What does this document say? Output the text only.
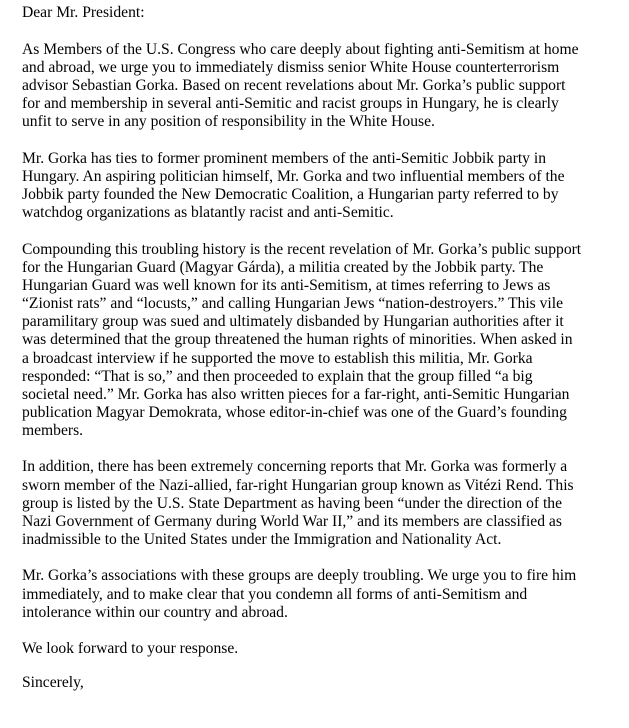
Dear Mr. President:
As Members of the U.S. Congress who care deeply about fighting anti-Semitism at home
and abroad, we urge you to immediately dismiss senior White House counterterrorism
advisor Sebastian Gorka. Based on recent revelations about Mr. Gorka’s public support
for and membership in several anti-Semitic and racist groups in Hungary, he is clearly
unfit to serve in any position of responsibility in the White House.
Mr. Gorka has ties to former prominent members of the anti-Semitic Jobbik party in
Hungary. An aspiring politician himself, Mr. Gorka and two influential members of the
Jobbik party founded the New Democratic Coalition, a Hungarian party referred to by
watchdog organizations as blatantly racist and anti-Semitic.
Compounding this troubling history is the recent revelation of Mr. Gorka’s public support
for the Hungarian Guard (Magyar Gárda), a militia created by the Jobbik party. The
Hungarian Guard was well known for its anti-Semitism, at times referring to Jews as
“Zionist rats” and “locusts,” and calling Hungarian Jews “nation-destroyers.” This vile
paramilitary group was sued and ultimately disbanded by Hungarian authorities after it
was determined that the group threatened the human rights of minorities. When asked in
a broadcast interview if he supported the move to establish this militia, Mr. Gorka
responded: “That is so,” and then proceeded to explain that the group filled “a big
societal need.” Mr. Gorka has also written pieces for a far-right, anti-Semitic Hungarian
publication Magyar Demokrata, whose editor-in-chief was one of the Guard’s founding
members.
In addition, there has been extremely concerning reports that Mr. Gorka was formerly a
sworn member of the Nazi-allied, far-right Hungarian group known as Vitézi Rend. This
group is listed by the U.S. State Department as having been “under the direction of the
Nazi Government of Germany during World War II,” and its members are classified as
inadmissible to the United States under the Immigration and Nationality Act.
Mr. Gorka’s associations with these groups are deeply troubling. We urge you to fire him
immediately, and to make clear that you condemn all forms of anti-Semitism and
intolerance within our country and abroad.
We look forward to your response.
Sincerely,
